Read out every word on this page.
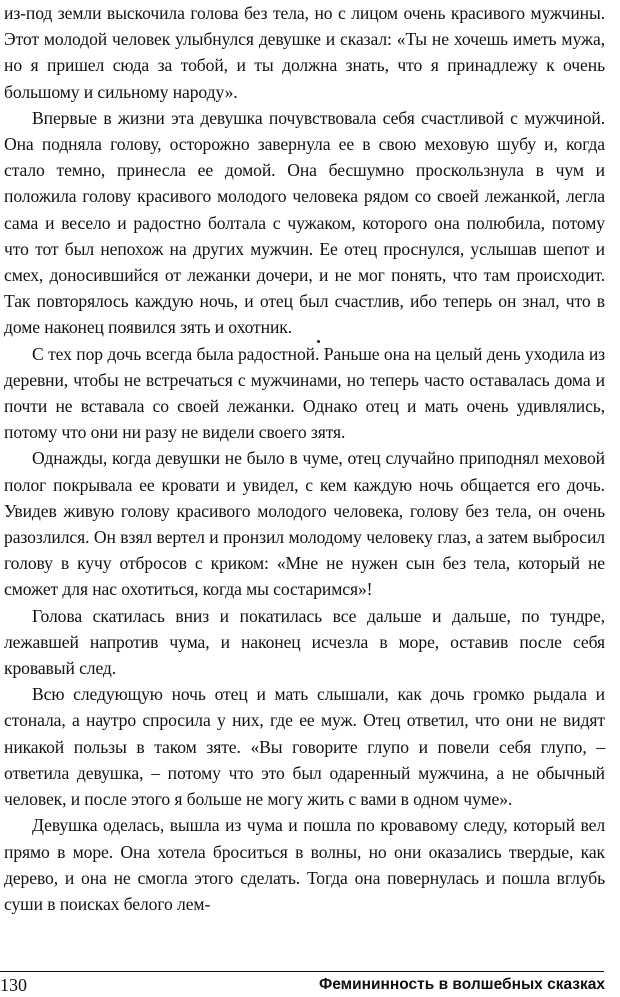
из-под земли выскочила голова без тела, но с лицом очень красивого мужчины. Этот молодой человек улыбнулся девушке и сказал: «Ты не хочешь иметь мужа, но я пришел сюда за тобой, и ты должна знать, что я принадлежу к очень большому и сильному народу».

Впервые в жизни эта девушка почувствовала себя счастливой с мужчиной. Она подняла голову, осторожно завернула ее в свою меховую шубу и, когда стало темно, принесла ее домой. Она бесшумно проскользнула в чум и положила голову красивого молодого человека рядом со своей лежанкой, легла сама и весело и радостно болтала с чужаком, которого она полюбила, потому что тот был непохож на других мужчин. Ее отец проснулся, услышав шепот и смех, доносившийся от лежанки дочери, и не мог понять, что там происходит. Так повторялось каждую ночь, и отец был счастлив, ибо теперь он знал, что в доме наконец появился зять и охотник.

С тех пор дочь всегда была радостной. Раньше она на целый день уходила из деревни, чтобы не встречаться с мужчинами, но теперь часто оставалась дома и почти не вставала со своей лежанки. Однако отец и мать очень удивлялись, потому что они ни разу не видели своего зятя.

Однажды, когда девушки не было в чуме, отец случайно приподнял меховой полог покрывала ее кровати и увидел, с кем каждую ночь общается его дочь. Увидев живую голову красивого молодого человека, голову без тела, он очень разозлился. Он взял вертел и пронзил молодому человеку глаз, а затем выбросил голову в кучу отбросов с криком: «Мне не нужен сын без тела, который не сможет для нас охотиться, когда мы состаримся»!

Голова скатилась вниз и покатилась все дальше и дальше, по тундре, лежавшей напротив чума, и наконец исчезла в море, оставив после себя кровавый след.

Всю следующую ночь отец и мать слышали, как дочь громко рыдала и стонала, а наутро спросила у них, где ее муж. Отец ответил, что они не видят никакой пользы в таком зяте. «Вы говорите глупо и повели себя глупо, – ответила девушка, – потому что это был одаренный мужчина, а не обычный человек, и после этого я больше не могу жить с вами в одном чуме».

Девушка оделась, вышла из чума и пошла по кровавому следу, который вел прямо в море. Она хотела броситься в волны, но они оказались твердые, как дерево, и она не смогла этого сделать. Тогда она повернулась и пошла вглубь суши в поисках белого лем-

130	Фемининность в волшебных сказках
